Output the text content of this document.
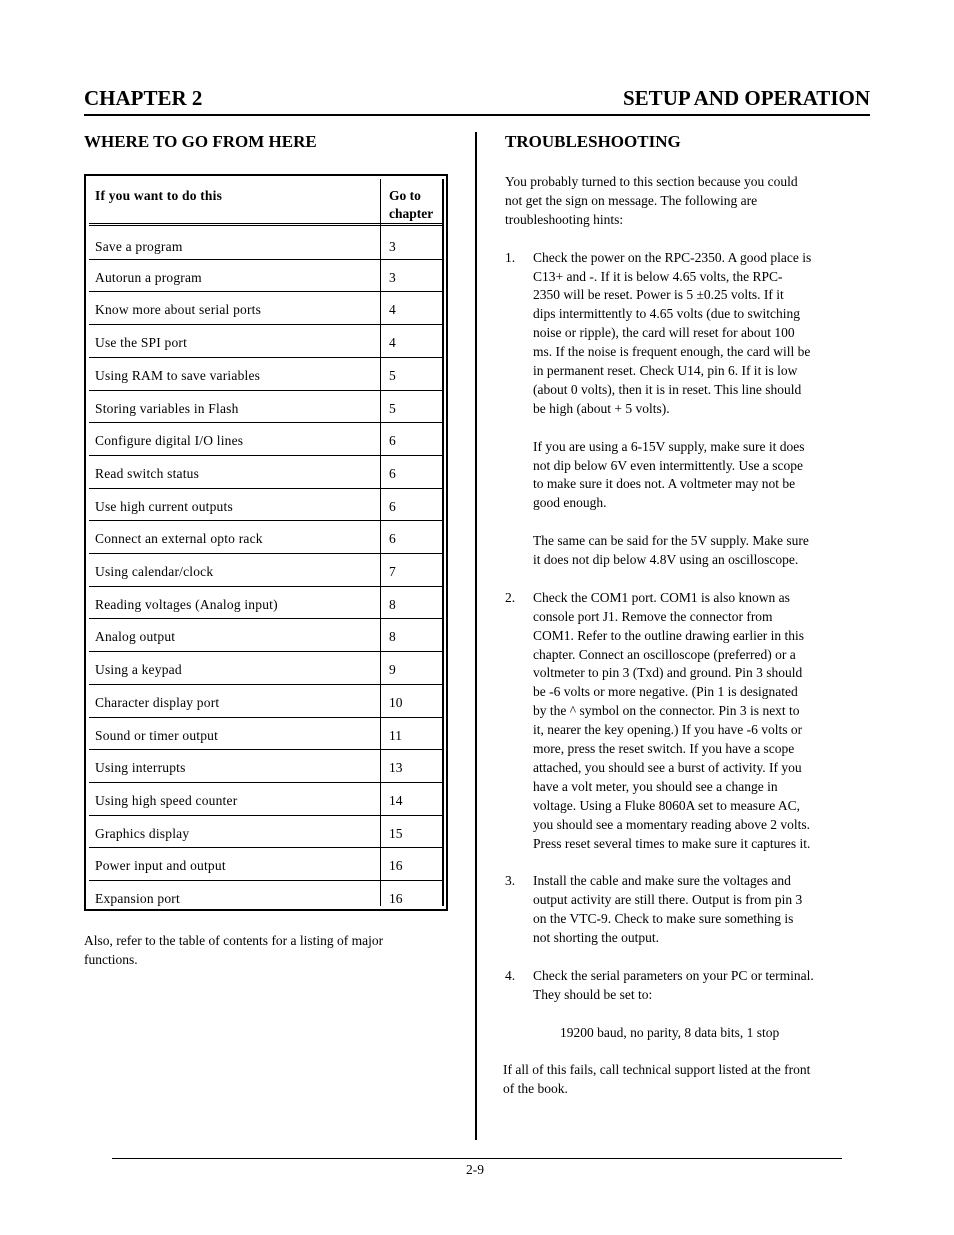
CHAPTER 2	SETUP AND OPERATION
WHERE TO GO FROM HERE
If you want to do this	Go to
chapter
Save a program	3
Autorun a program	3
Know more about serial ports	4
Use the SPI port	4
Using RAM to save variables	5
Storing variables in Flash	5
Configure digital I/O lines	6
Read switch status	6
Use high current outputs	6
Connect an external opto rack	6
Using calendar/clock	7
Reading voltages (Analog input)	8
Analog output	8
Using a keypad	9
Character display port	10
Sound or timer output	11
Using interrupts	13
Using high speed counter	14
Graphics display	15
Power input and output	16
Expansion port	16
Also, refer to the table of contents for a listing of major
functions.
TROUBLESHOOTING
You probably turned to this section because you could
not get the sign on message. The following are
troubleshooting hints:
1. Check the power on the RPC-2350. A good place is
C13+ and -. If it is below 4.65 volts, the RPC-
2350 will be reset. Power is 5 ±0.25 volts. If it
dips intermittently to 4.65 volts (due to switching
noise or ripple), the card will reset for about 100
ms. If the noise is frequent enough, the card will be
in permanent reset. Check U14, pin 6. If it is low
(about 0 volts), then it is in reset. This line should
be high (about + 5 volts).
If you are using a 6-15V supply, make sure it does
not dip below 6V even intermittently. Use a scope
to make sure it does not. A voltmeter may not be
good enough.
The same can be said for the 5V supply. Make sure
it does not dip below 4.8V using an oscilloscope.
2. Check the COM1 port. COM1 is also known as
console port J1. Remove the connector from
COM1. Refer to the outline drawing earlier in this
chapter. Connect an oscilloscope (preferred) or a
voltmeter to pin 3 (Txd) and ground. Pin 3 should
be -6 volts or more negative. (Pin 1 is designated
by the ^ symbol on the connector. Pin 3 is next to
it, nearer the key opening.) If you have -6 volts or
more, press the reset switch. If you have a scope
attached, you should see a burst of activity. If you
have a volt meter, you should see a change in
voltage. Using a Fluke 8060A set to measure AC,
you should see a momentary reading above 2 volts.
Press reset several times to make sure it captures it.
3. Install the cable and make sure the voltages and
output activity are still there. Output is from pin 3
on the VTC-9. Check to make sure something is
not shorting the output.
4. Check the serial parameters on your PC or terminal.
They should be set to:
19200 baud, no parity, 8 data bits, 1 stop
If all of this fails, call technical support listed at the front
of the book.
2-9
